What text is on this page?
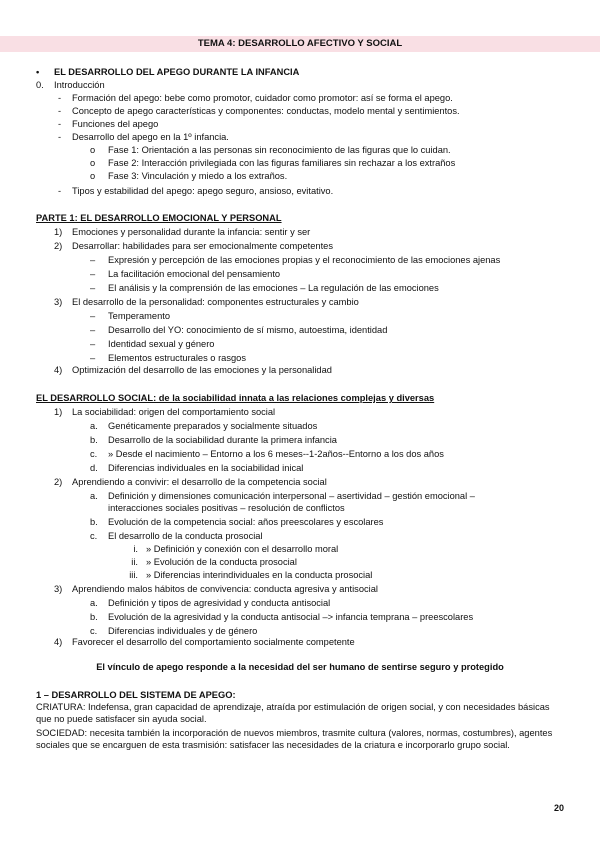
TEMA 4: DESARROLLO AFECTIVO Y SOCIAL
• EL DESARROLLO DEL APEGO DURANTE LA INFANCIA
0. Introducción
- Formación del apego: bebe como promotor, cuidador como promotor: así se forma el apego.
- Concepto de apego características y componentes: conductas, modelo mental y sentimientos.
- Funciones del apego
- Desarrollo del apego en la 1º infancia.
o Fase 1: Orientación a las personas sin reconocimiento de las figuras que lo cuidan.
o Fase 2: Interacción privilegiada con las figuras familiares sin rechazar a los extraños
o Fase 3: Vinculación y miedo a los extraños.
- Tipos y estabilidad del apego: apego seguro, ansioso, evitativo.
PARTE 1: EL DESARROLLO EMOCIONAL Y PERSONAL
1) Emociones y personalidad durante la infancia: sentir y ser
2) Desarrollar: habilidades para ser emocionalmente competentes
– Expresión y percepción de las emociones propias y el reconocimiento de las emociones ajenas
– La facilitación emocional del pensamiento
– El análisis y la comprensión de las emociones – La regulación de las emociones
3) El desarrollo de la personalidad: componentes estructurales y cambio
– Temperamento
– Desarrollo del YO: conocimiento de sí mismo, autoestima, identidad
– Identidad sexual y género
– Elementos estructurales o rasgos
4) Optimización del desarrollo de las emociones y la personalidad
EL DESARROLLO SOCIAL: de la sociabilidad innata a las relaciones complejas y diversas
1) La sociabilidad: origen del comportamiento social
a. Genéticamente preparados y socialmente situados
b. Desarrollo de la sociabilidad durante la primera infancia
c. » Desde el nacimiento – Entorno a los 6 meses--1-2años--Entorno a los dos años
d. Diferencias individuales en la sociabilidad inical
2) Aprendiendo a convivir: el desarrollo de la competencia social
a. Definición y dimensiones comunicación interpersonal – asertividad – gestión emocional –
interacciones sociales positivas – resolución de conflictos
b. Evolución de la competencia social: años preescolares y escolares
c. El desarrollo de la conducta prosocial
i. » Definición y conexión con el desarrollo moral
ii. » Evolución de la conducta prosocial
iii. » Diferencias interindividuales en la conducta prosocial
3) Aprendiendo malos hábitos de convivencia: conducta agresiva y antisocial
a. Definición y tipos de agresividad y conducta antisocial
b. Evolución de la agresividad y la conducta antisocial –> infancia temprana – preescolares
c. Diferencias individuales y de género
4) Favorecer el desarrollo del comportamiento socialmente competente
El vínculo de apego responde a la necesidad del ser humano de sentirse seguro y protegido
1 – DESARROLLO DEL SISTEMA DE APEGO:
CRIATURA: Indefensa, gran capacidad de aprendizaje, atraída por estimulación de origen social, y con necesidades básicas que no puede satisfacer sin ayuda social.
SOCIEDAD: necesita también la incorporación de nuevos miembros, trasmite cultura (valores, normas, costumbres), agentes sociales que se encarguen de esta trasmisión: satisfacer las necesidades de la criatura e incorporarlo grupo social.
20
